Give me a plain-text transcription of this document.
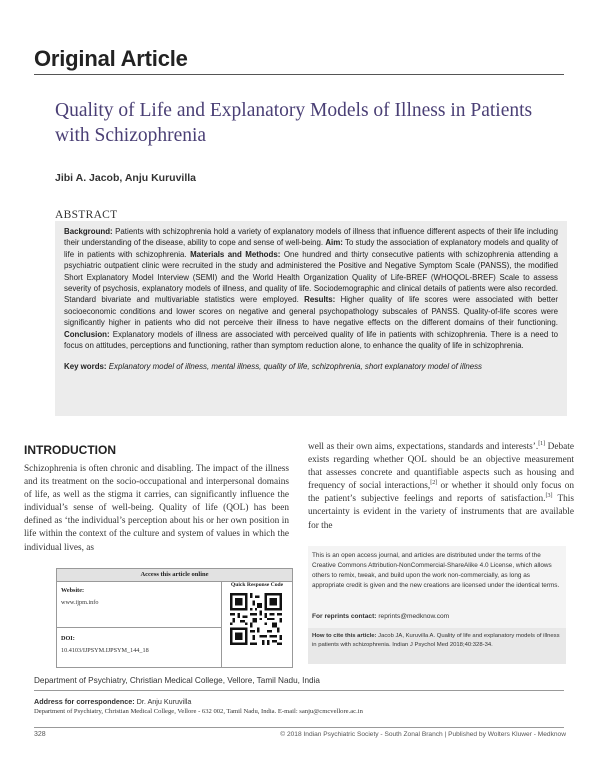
Original Article
Quality of Life and Explanatory Models of Illness in Patients with Schizophrenia
Jibi A. Jacob, Anju Kuruvilla
ABSTRACT

Background: Patients with schizophrenia hold a variety of explanatory models of illness that influence different aspects of their life including their understanding of the disease, ability to cope and sense of well-being. Aim: To study the association of explanatory models and quality of life in patients with schizophrenia. Materials and Methods: One hundred and thirty consecutive patients with schizophrenia attending a psychiatric outpatient clinic were recruited in the study and administered the Positive and Negative Symptom Scale (PANSS), the modified Short Explanatory Model Interview (SEMI) and the World Health Organization Quality of Life-BREF (WHOQOL-BREF) Scale to assess severity of psychosis, explanatory models of illness, and quality of life. Sociodemographic and clinical details of patients were also recorded. Standard bivariate and multivariable statistics were employed. Results: Higher quality of life scores were associated with better socioeconomic conditions and lower scores on negative and general psychopathology subscales of PANSS. Quality-of-life scores were significantly higher in patients who did not perceive their illness to have negative effects on the different domains of their functioning. Conclusion: Explanatory models of illness are associated with perceived quality of life in patients with schizophrenia. There is a need to focus on attitudes, perceptions and functioning, rather than symptom reduction alone, to enhance the quality of life in schizophrenia.

Key words: Explanatory model of illness, mental illness, quality of life, schizophrenia, short explanatory model of illness
INTRODUCTION

Schizophrenia is often chronic and disabling. The impact of the illness and its treatment on the socio-occupational and interpersonal domains of life, as well as the stigma it carries, can significantly influence the individual’s sense of well-being. Quality of life (QOL) has been defined as ‘the individual’s perception about his or her own position in life within the context of the culture and system of values in which the individual lives, as

well as their own aims, expectations, standards and interests’.[1] Debate exists regarding whether QOL should be an objective measurement that assesses concrete and quantifiable aspects such as housing and frequency of social interactions,[2] or whether it should only focus on the patient’s subjective feelings and reports of satisfaction.[3] This uncertainty is evident in the variety of instruments that are available for the

Access this article online
Quick Response Code
Website:
www.ijpm.info
DOI:
10.4103/IJPSYM.IJPSYM_144_18

This is an open access journal, and articles are distributed under the terms of the Creative Commons Attribution-NonCommercial-ShareAlike 4.0 License, which allows others to remix, tweak, and build upon the work non-commercially, as long as appropriate credit is given and the new creations are licensed under the identical terms.

For reprints contact: reprints@medknow.com

How to cite this article: Jacob JA, Kuruvilla A. Quality of life and explanatory models of illness in patients with schizophrenia. Indian J Psychol Med 2018;40:328-34.

Department of Psychiatry, Christian Medical College, Vellore, Tamil Nadu, India
Address for correspondence: Dr. Anju Kuruvilla
Department of Psychiatry, Christian Medical College, Vellore - 632 002, Tamil Nadu, India. E-mail: sanju@cmcvellore.ac.in
328	© 2018 Indian Psychiatric Society - South Zonal Branch | Published by Wolters Kluwer - Medknow
